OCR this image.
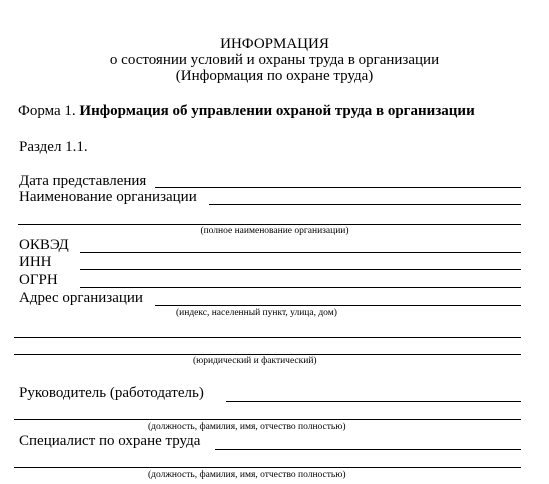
ИНФОРМАЦИЯ
о состоянии условий и охраны труда в организации
(Информация по охране труда)
Форма 1. Информация об управлении охраной труда в организации
Раздел 1.1.
Дата представления
Наименование организации
(полное наименование организации)
ОКВЭД
ИНН
ОГРН
Адрес организации
(индекс, населенный пункт, улица, дом)
(юридический и фактический)
Руководитель (работодатель)
(должность, фамилия, имя, отчество полностью)
Специалист по охране труда
(должность, фамилия, имя, отчество полностью)
